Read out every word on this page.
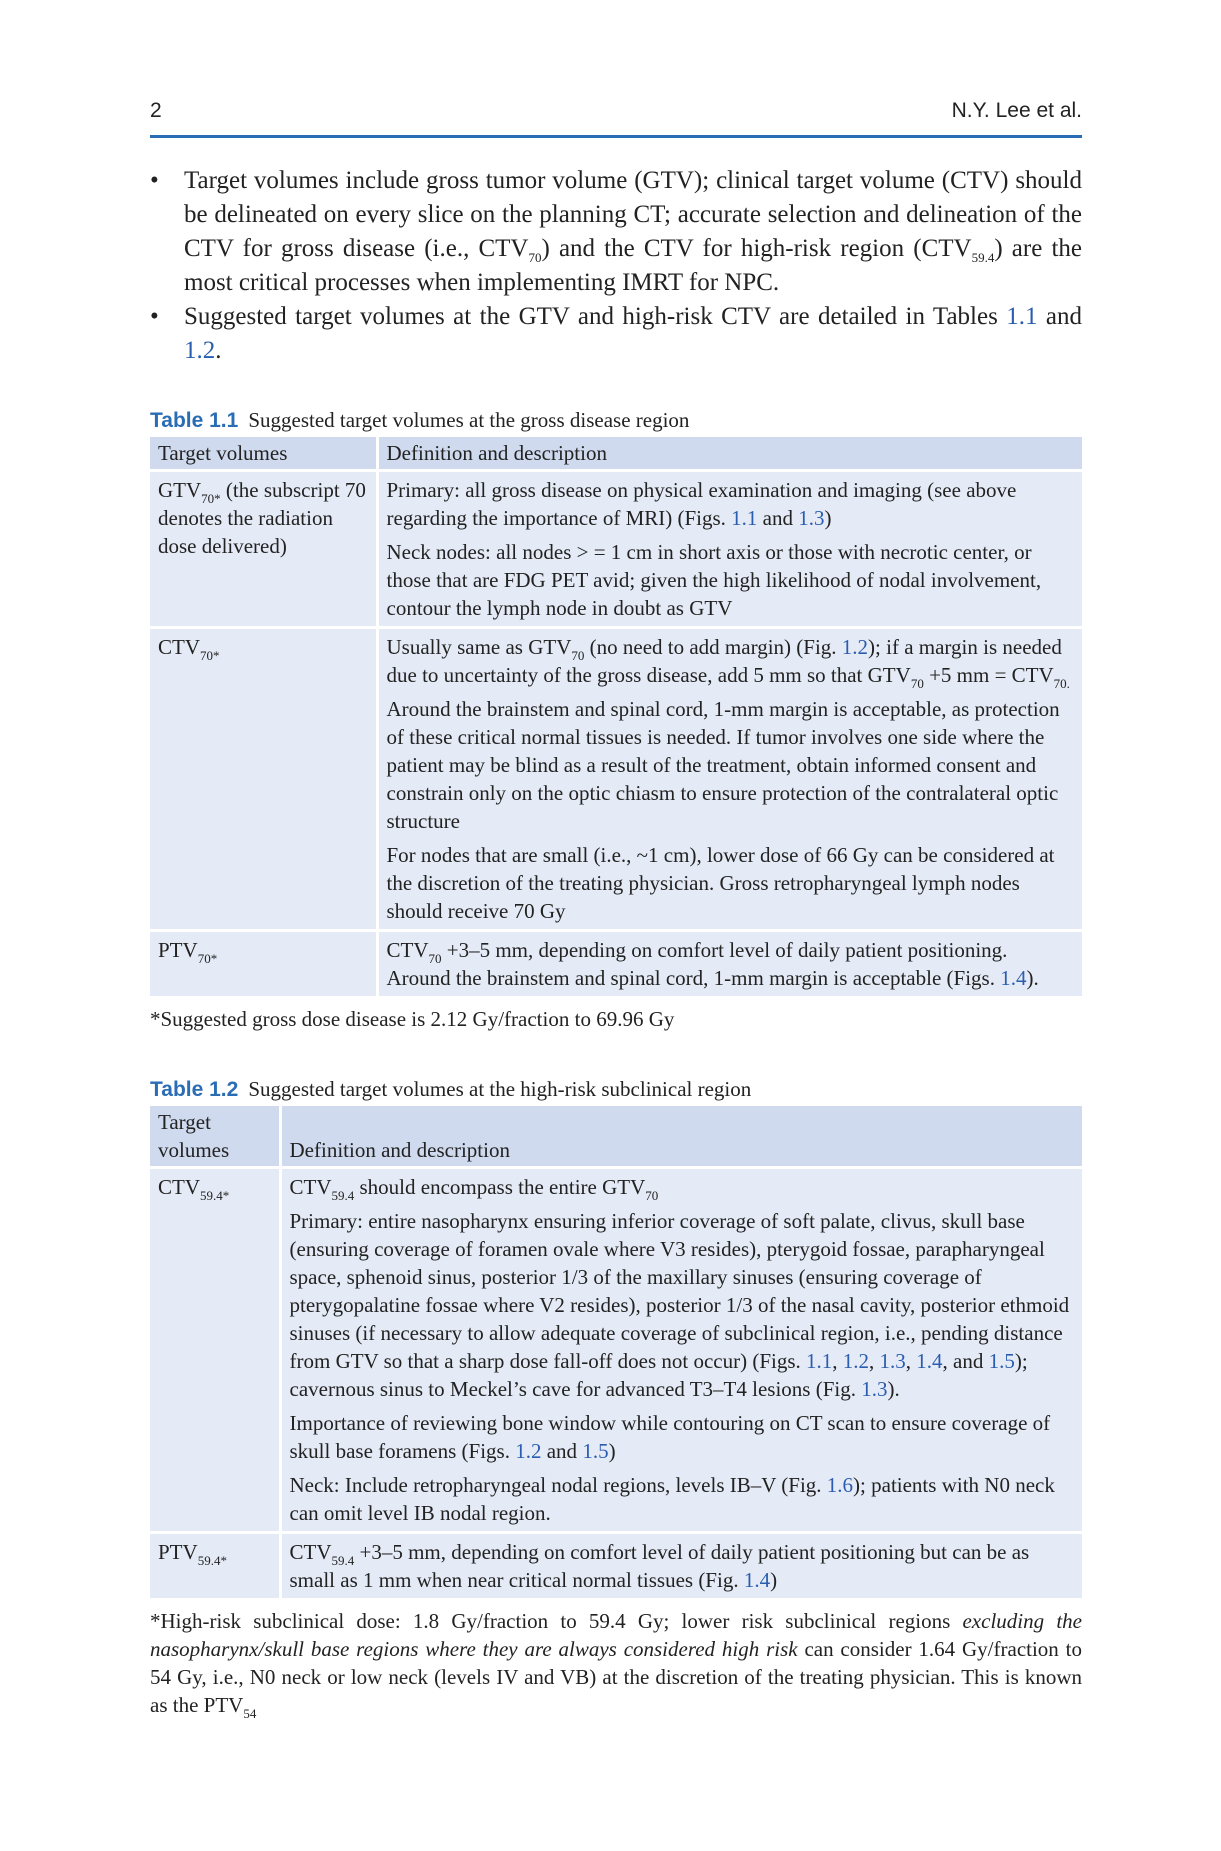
2	N.Y. Lee et al.
• Target volumes include gross tumor volume (GTV); clinical target volume (CTV) should be delineated on every slice on the planning CT; accurate selection and delineation of the CTV for gross disease (i.e., $CTV_{70}$) and the CTV for high-risk region $(CTV_{59.4})$ are the most critical processes when implementing IMRT for NPC.
• Suggested target volumes at the GTV and high-risk CTV are detailed in Tables 1.1 and 1.2.
Table 1.1 Suggested target volumes at the gross disease region
Target volumes	Definition and description
$GTV_{70*}$ (the subscript 70 denotes the radiation dose delivered)	Primary: all gross disease on physical examination and imaging (see above regarding the importance of MRI) (Figs. 1.1 and 1.3)

Neck nodes: all nodes > = 1 cm in short axis or those with necrotic center, or those that are FDG PET avid; given the high likelihood of nodal involvement, contour the lymph node in doubt as GTV

$CTV_{70*}$	Usually same as $GTV_{70}$ (no need to add margin) (Fig. 1.2); if a margin is needed due to uncertainty of the gross disease, add 5 mm so that $GTV_{70} +5$ mm = $CTV_{70.}$

Around the brainstem and spinal cord, 1-mm margin is acceptable, as protection of these critical normal tissues is needed. If tumor involves one side where the patient may be blind as a result of the treatment, obtain informed consent and constrain only on the optic chiasm to ensure protection of the contralateral optic structure

For nodes that are small (i.e., ~1 cm), lower dose of 66 Gy can be considered at the discretion of the treating physician. Gross retropharyngeal lymph nodes should receive 70 Gy

$PTV_{70*}$	$CTV_{70} +3-5$ mm, depending on comfort level of daily patient positioning. Around the brainstem and spinal cord, 1-mm margin is acceptable (Figs. 1.4).

*Suggested gross dose disease is 2.12 Gy/fraction to 69.96 Gy
Table 1.2 Suggested target volumes at the high-risk subclinical region
Target volumes	Definition and description
$CTV_{59.4*}$	$CTV_{59.4}$ should encompass the entire $GTV_{70}$

Primary: entire nasopharynx ensuring inferior coverage of soft palate, clivus, skull base (ensuring coverage of foramen ovale where V3 resides), pterygoid fossae, parapharyngeal space, sphenoid sinus, posterior 1/3 of the maxillary sinuses (ensuring coverage of pterygopalatine fossae where V2 resides), posterior 1/3 of the nasal cavity, posterior ethmoid sinuses (if necessary to allow adequate coverage of subclinical region, i.e., pending distance from GTV so that a sharp dose fall-off does not occur) (Figs. 1.1, 1.2, 1.3, 1.4, and 1.5); cavernous sinus to Meckel’s cave for advanced T3–T4 lesions (Fig. 1.3).

Importance of reviewing bone window while contouring on CT scan to ensure coverage of skull base foramens (Figs. 1.2 and 1.5)

Neck: Include retropharyngeal nodal regions, levels IB–V (Fig. 1.6); patients with N0 neck can omit level IB nodal region.

$PTV_{59.4*}$	$CTV_{59.4} +3-5$ mm, depending on comfort level of daily patient positioning but can be as small as 1 mm when near critical normal tissues (Fig. 1.4)

*High-risk subclinical dose: 1.8 Gy/fraction to 59.4 Gy; lower risk subclinical regions excluding the nasopharynx/skull base regions where they are always considered high risk can consider 1.64 Gy/fraction to 54 Gy, i.e., N0 neck or low neck (levels IV and VB) at the discretion of the treating physician. This is known as the $PTV_{54}$
